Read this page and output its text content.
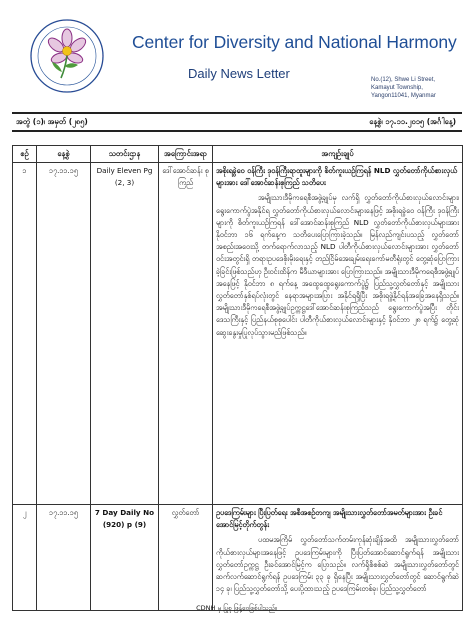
Center for Diversity and National Harmony
Daily News Letter	No.(12), Shwe Li Street,
Kamayut Township,
Yangon11041, Myanmar
အတွဲ (၁)၊ အမှတ် (၂၈၅)	နေ့စွဲ၊ ၁၇.၁၁.၂၀၁၅ (အင်္ဂါနေ့)
စဉ်	နေ့စွဲ	သတင်းဌာန	အကြောင်းအရာ	အကျဉ်းချုပ်
၁	၁၇.၁၁.၁၅	Daily Eleven Pg (2, 3)	ဒေါ်အောင်ဆန်း စုကြည်	အစိုးရခွဲဝေ ဝန်ကြီး ဒုဝန်ကြီးရာထူးများကို စိတ်ကူးယဉ်ကြရန် NLD လွှတ်တော်ကိုယ်စားလှယ်များအား ဒေါ်အောင်ဆန်းစုကြည် သတိပေး
အမျိုးသားဒီမိုကရေစီအဖွဲ့ချုပ်မှ လက်ရှိ လွှတ်တော်ကိုယ်စားလှယ်လောင်းများ၊ ရွေးကောက်ပွဲအနိုင်ရ လွှတ်တော်ကိုယ်စားလှယ်လောင်းများနေဖြင့် အစိုးရခွဲဝေ ဝန်ကြီး ဒုဝန်ကြီးများကို စိတ်ကူးယဉ်ကြရန် ဒေါ်အောင်ဆန်းစုကြည် NLD လွှတ်တော်ကိုယ်စားလှယ်များအား နိုဝင်ဘာ ၁၆ ရက်နေ့က သတိပေးပြောကြားခဲ့သည်။ မြန်လည်ကျင်းပသည့် လွှတ်တော်အစည်းအဝေးသို့ တက်ရောက်လာသည့် NLD ပါတီကိုယ်စားလှယ်လောင်းများအား လွှတ်တော်ဝင်းအတွင်းရှိ တရားဥပဒေစိုးမိုးရေးနှင့် တည်ငြိမ်အေးချမ်းရေးကော်မတီရုံးတွင် တွေ့ဆုံပြောကြား ခဲ့ခြင်းဖြစ်သည်ဟု ဦးဝင်းထိန်က မီဒီယာများအား ပြောကြားသည်။ အမျိုးသားဒီမိုကရေစီအဖွဲ့ချုပ်အနေဖြင့် နိုဝင်ဘာ ၈ ရက်နေ့ အထွေထွေရွေးကောက်ပွဲ၌ ပြည်သူ့လွှတ်တော်နှင့် အမျိုးသားလွှတ်တော်နှစ်ရပ်လုံးတွင် နေရာအများအပြား အနိုင်ရရှိပြီး အစိုးရဖွဲ့နိုင်ရန်အခြေအနေရှိသည်။ အမျိုးသားဒီမိုကရေစီအဖွဲ့ချုပ်ဥက္ကဋ္ဌဒေါ်အောင်ဆန်းစုကြည်သည် ရွေးကောက်ပွဲအပြီး တိုင်းဒေသကြီးနှင့် ပြည်နယ်စုစုပေါင်း ပါတီကိုယ်စားလှယ်လောင်းများနှင့် နိုဝင်ဘာ ၂၈ ရက်၌ တွေ့ဆုံဆွေးနွေးမှုပြုလုပ်သွားမည်ဖြစ်သည်။

၂	၁၇.၁၁.၁၅	7 Day Daily No (920) p (9)	လွှတ်တော်	ဥပဒေကြမ်းများ ပြီးပြတ်ရေး အစီအစဉ်တကျ အမျိုးသားလွှတ်တော်အမတ်များအား ဦးခင်အောင်မြင့်တိုက်တွန်း
ပထမအကြိမ် လွှတ်တော်သက်တမ်းကုန်ဆုံးချိန်အထိ အမျိုးသားလွှတ်တော် ကိုယ်စားလှယ်များအနေဖြင့် ဥပဒေကြမ်းများကို ပြီးပြတ်အောင်ဆောင်ရွက်ရန် အမျိုးသားလွှတ်တော်ဥက္ကဋ္ဌ ဦးခင်အောင်မြင့်က ပြောသည်။ လက်ရှိစိစစ်ဆဲ အမျိုးသားလွှတ်တော်တွင် ဆက်လက်ဆောင်ရွက်ရန် ဥပဒေကြမ်း ၃၃ ခု ရှိနေပြီး အမျိုးသားလွှတ်တော်တွင် ဆောင်ရွက်ဆဲ ၁၄ ခု၊ ပြည်သူ့လွှတ်တော်သို့ ပေးပို့ထားသည့် ဥပဒေကြမ်းတစ်ခု၊ ပြည်သူ့လွှတ်တော်
CDNH မှ ပြုစု ဖြန့်ဝေဖြစ်ပါသည်။
